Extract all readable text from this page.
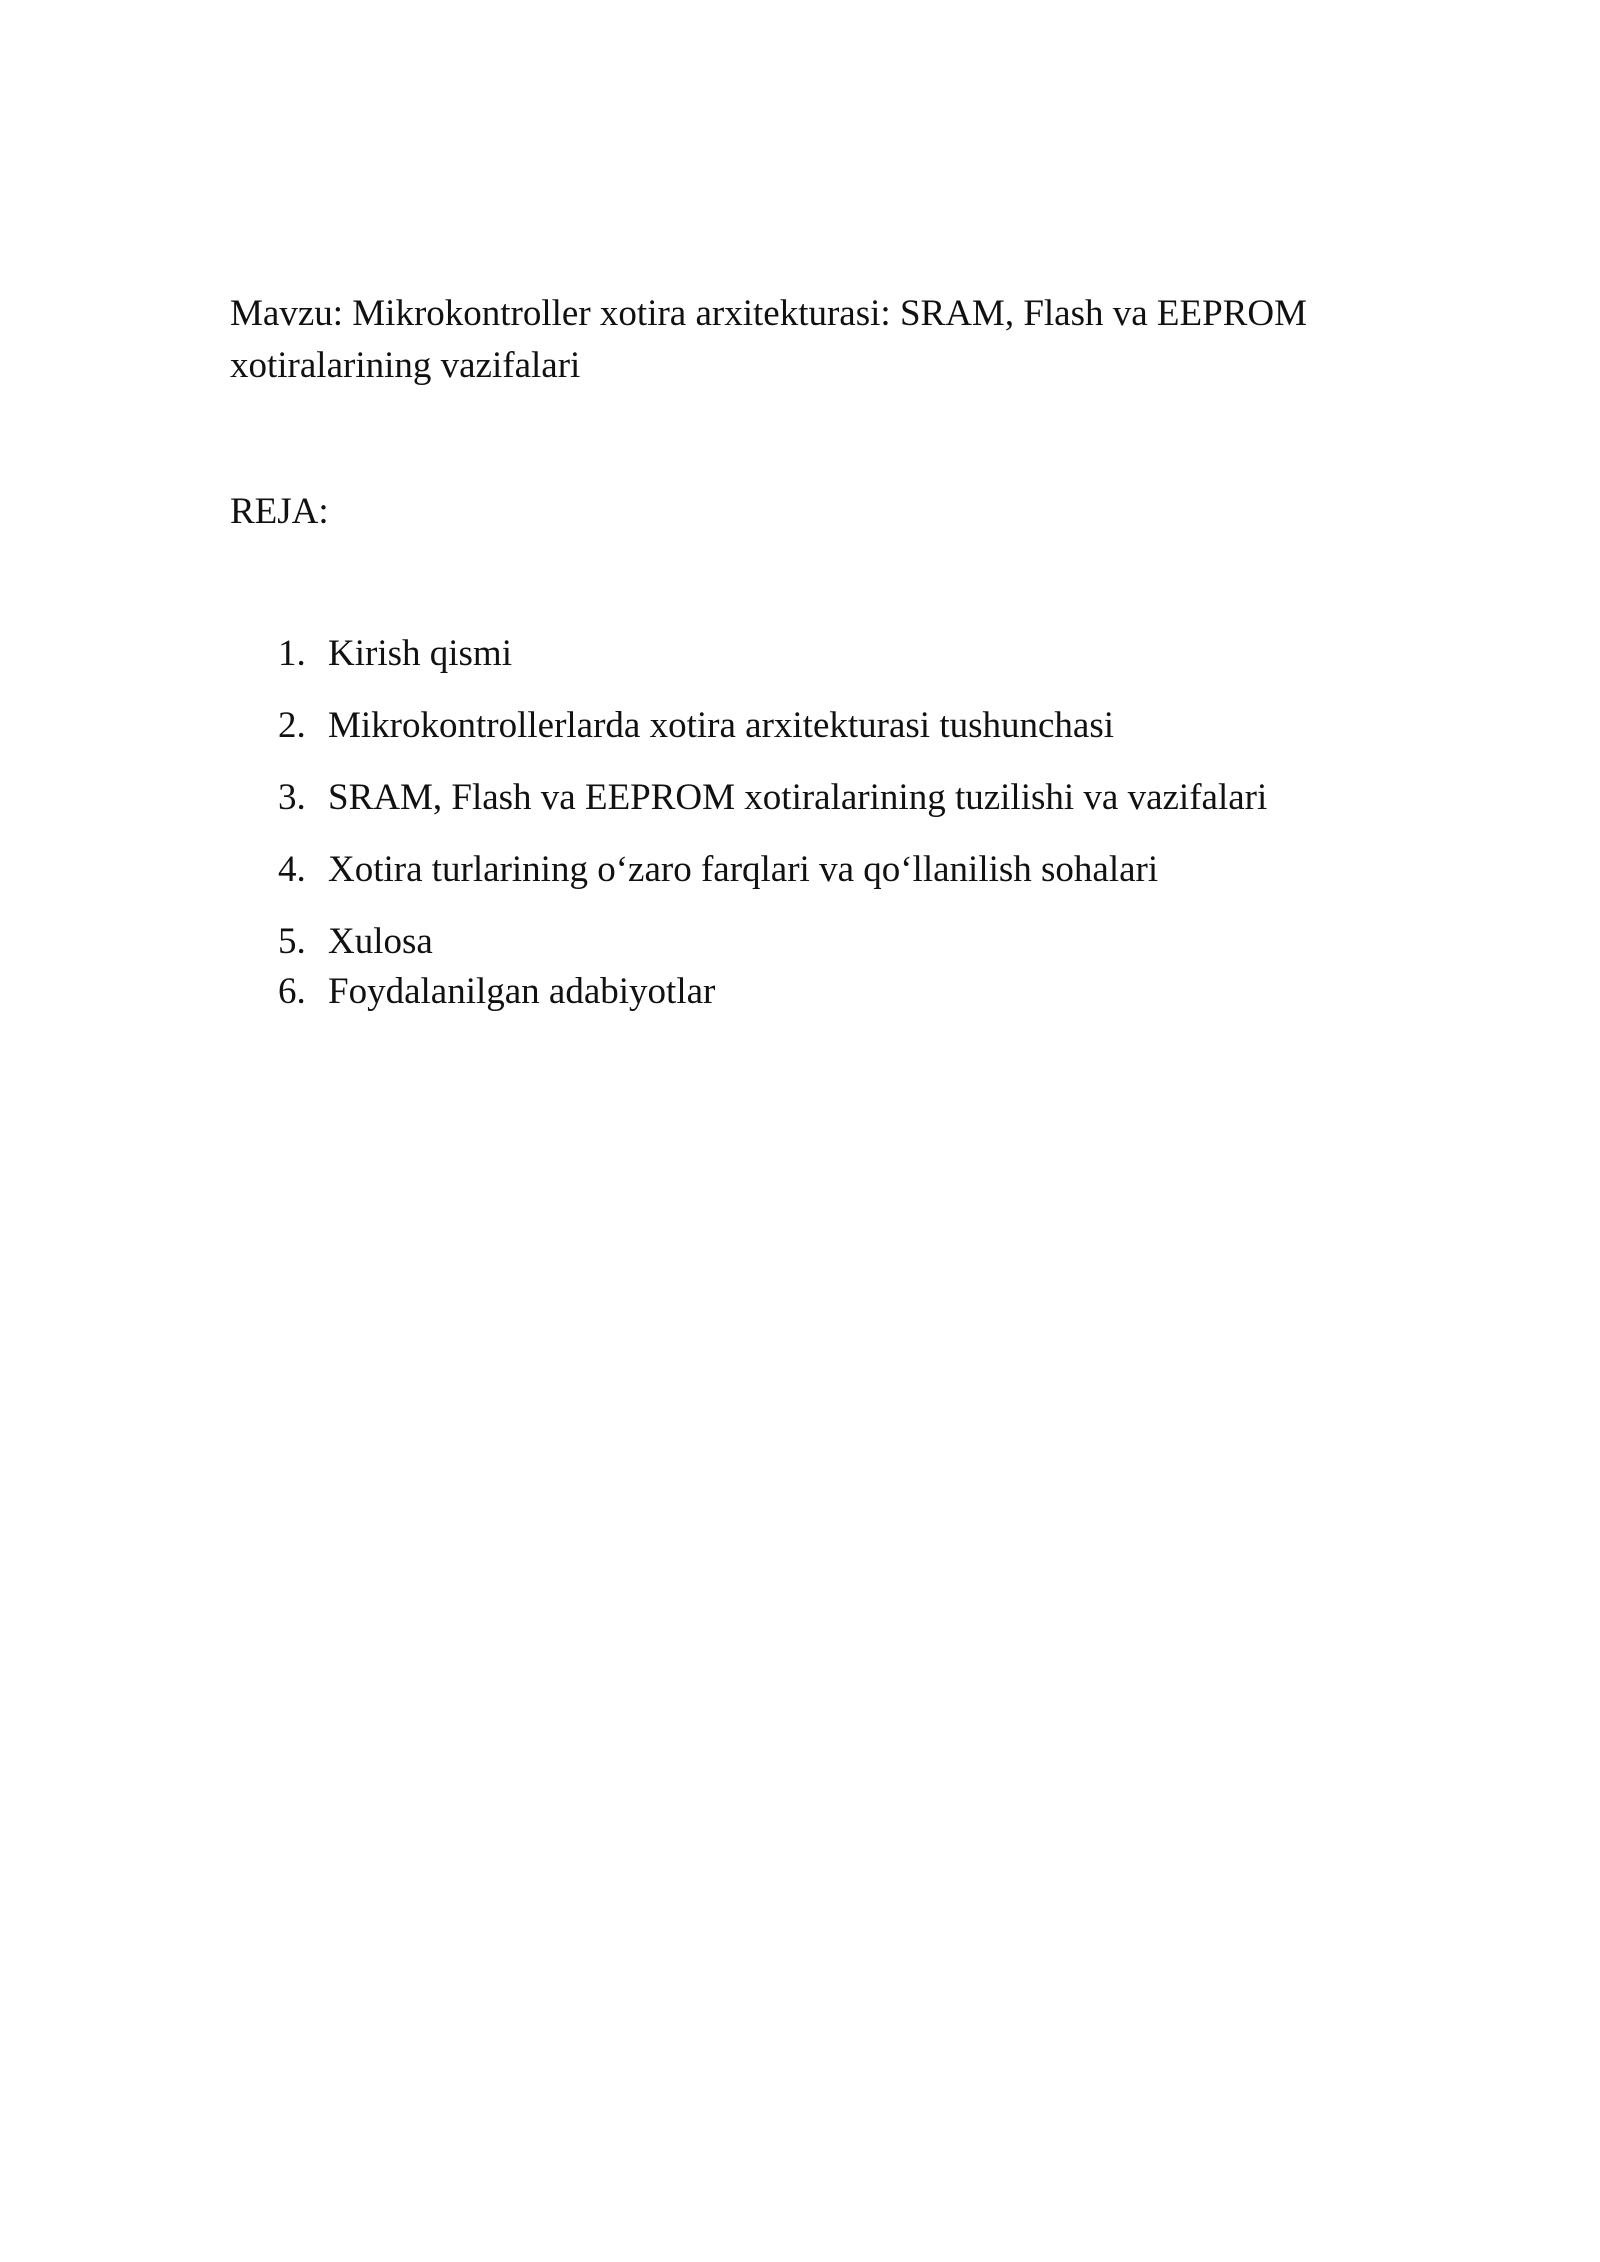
Mavzu: Mikrokontroller xotira arxitekturasi: SRAM, Flash va EEPROM xotiralarining vazifalari
REJA:
1. Kirish qismi
2. Mikrokontrollerlarda xotira arxitekturasi tushunchasi
3. SRAM, Flash va EEPROM xotiralarining tuzilishi va vazifalari
4. Xotira turlarining o‘zaro farqlari va qo‘llanilish sohalari
5. Xulosa
6. Foydalanilgan adabiyotlar
